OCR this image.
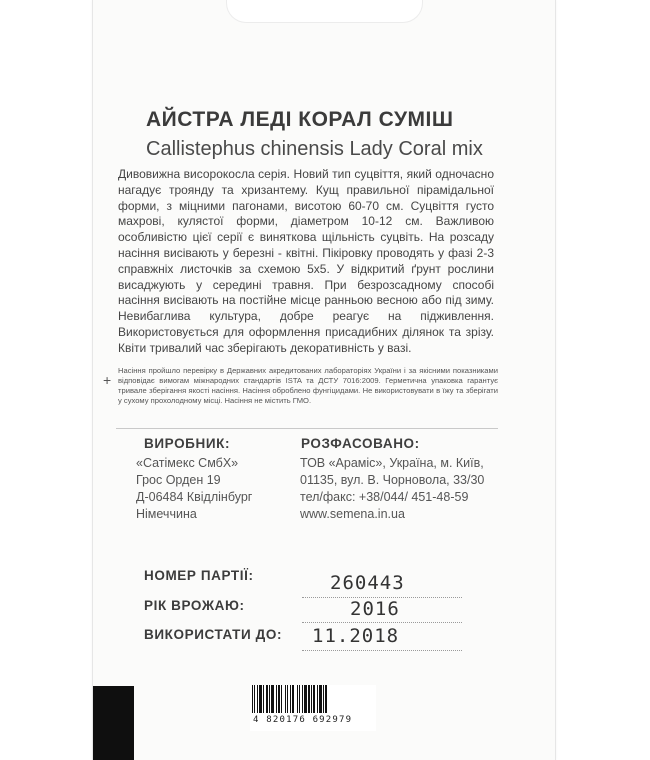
АЙСТРА ЛЕДІ КОРАЛ СУМІШ
Callistephus chinensis Lady Coral mix
Дивовижна висорокосла серія. Новий тип суцвіття, який одночасно нагадує троянду та хризантему. Кущ правильної пірамідальної форми, з міцними пагонами, висотою 60-70 см. Суцвіття густо махрові, кулястої форми, діаметром 10-12 см. Важливою особливістю цієї серії є виняткова щільність суцвіть. На розсаду насіння висівають у березні - квітні. Пікіровку проводять у фазі 2-3 справжніх листочків за схемою 5х5. У відкритий ґрунт рослини висаджують у середині травня. При безрозсадному способі насіння висівають на постійне місце ранньою весною або під зиму. Невибаглива культура, добре реагує на підживлення. Використовується для оформлення присадибних ділянок та зрізу. Квіти тривалий час зберігають декоративність у вазі.
+
Насіння пройшло перевірку в Державних акредитованих лабораторіях України і за якісними показниками відповідає вимогам міжнародних стандартів ISTA та ДСТУ 7016:2009. Герметична упаковка гарантує тривале зберігання якості насіння. Насіння оброблено фунгіцидами. Не використовувати в їжу та зберігати у сухому прохолодному місці. Насіння не містить ГМО.
ВИРОБНИК:
«Сатімекс СмбХ»
Грос Орден 19
Д-06484 Квідлінбург
Німеччина
РОЗФАСОВАНО:
ТОВ «Араміс», Україна, м. Київ,
01135, вул. В. Чорновола, 33/30
тел/факс: +38/044/ 451-48-59
www.semena.in.ua
НОМЕР ПАРТІЇ:	260443
РІК ВРОЖАЮ:	2016
ВИКОРИСТАТИ ДО: 11.2018
4 820176 692979
